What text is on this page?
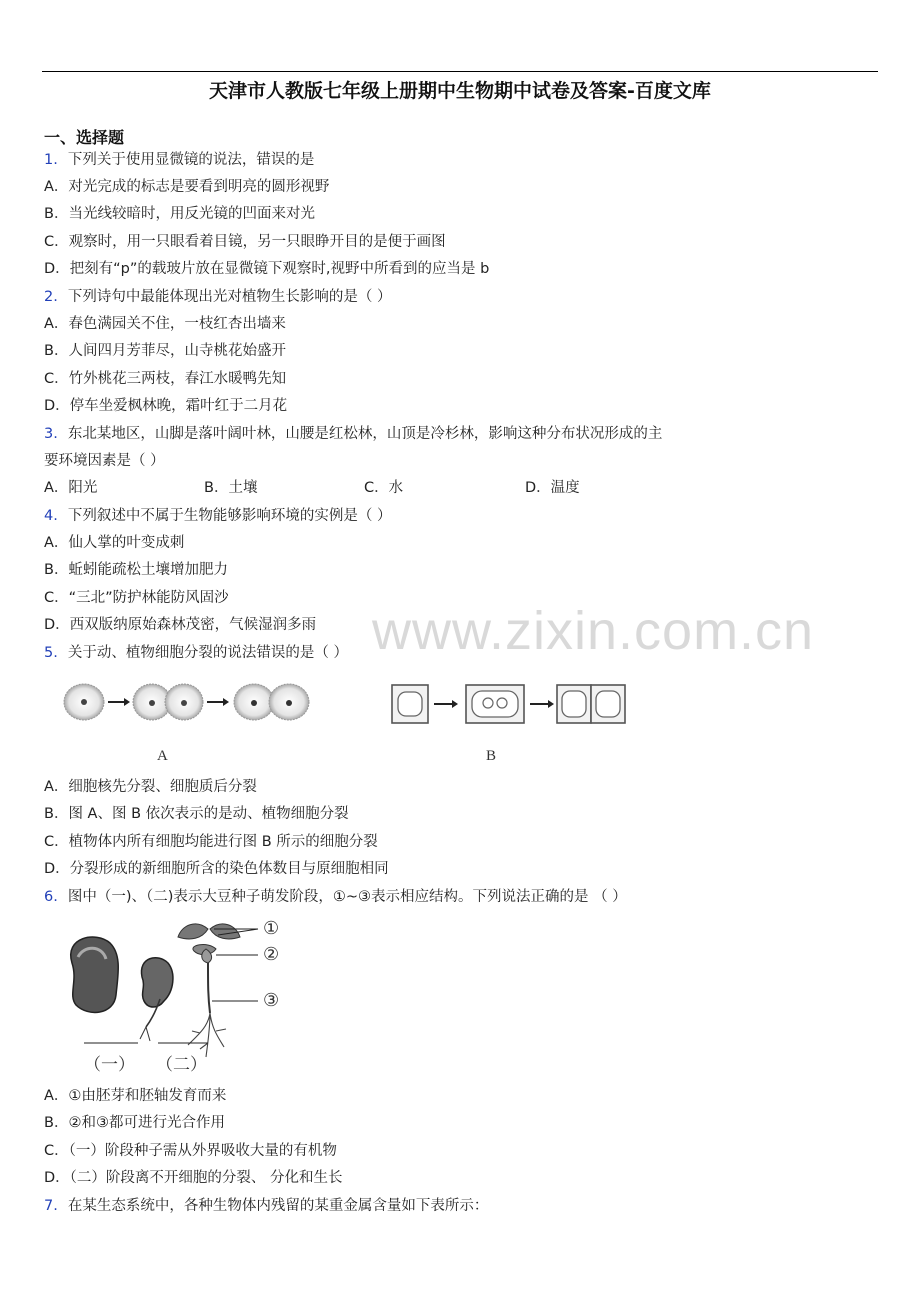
天津市人教版七年级上册期中生物期中试卷及答案-百度文库
一、选择题
www.zixin.com.cn
1. 下列关于使用显微镜的说法，错误的是
A．对光完成的标志是要看到明亮的圆形视野
B．当光线较暗时，用反光镜的凹面来对光
C．观察时，用一只眼看着目镜，另一只眼睁开目的是便于画图
D．把刻有“p”的载玻片放在显微镜下观察时,视野中所看到的应当是 b
2. 下列诗句中最能体现出光对植物生长影响的是（ ）
A．春色满园关不住，一枝红杏出墙来
B．人间四月芳菲尽，山寺桃花始盛开
C．竹外桃花三两枝，春江水暖鸭先知
D．停车坐爱枫林晚，霜叶红于二月花
3. 东北某地区，山脚是落叶阔叶林，山腰是红松林，山顶是冷杉林，影响这种分布状况形成的主
要环境因素是（ ）
A．阳光	B．土壤	C．水	D．温度
4. 下列叙述中不属于生物能够影响环境的实例是（ ）
A．仙人掌的叶变成刺
B．蚯蚓能疏松土壤增加肥力
C．“三北”防护林能防风固沙
D．西双版纳原始森林茂密，气候湿润多雨
5. 关于动、植物细胞分裂的说法错误的是（ ）
A	B
A．细胞核先分裂、细胞质后分裂
B．图 A、图 B 依次表示的是动、植物细胞分裂
C．植物体内所有细胞均能进行图 B 所示的细胞分裂
D．分裂形成的新细胞所含的染色体数目与原细胞相同
6. 图中（一)、（二)表示大豆种子萌发阶段，①~③表示相应结构。下列说法正确的是 （ ）
①
②
③
（一） （二）
A．①由胚芽和胚轴发育而来
B．②和③都可进行光合作用
C．（一）阶段种子需从外界吸收大量的有机物
D．（二）阶段离不开细胞的分裂、 分化和生长
7. 在某生态系统中，各种生物体内残留的某重金属含量如下表所示：
